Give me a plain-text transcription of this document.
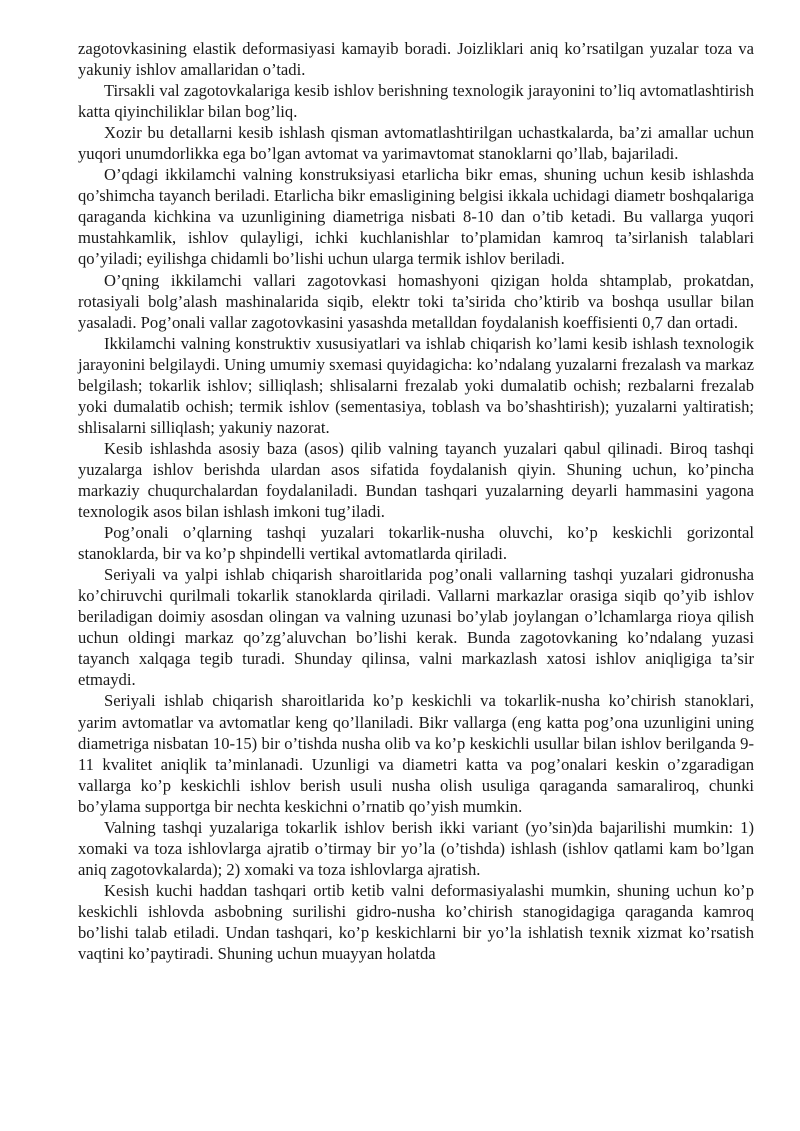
zagotovkasining elastik deformasiyasi kamayib boradi. Joizliklari aniq ko’rsatilgan yuzalar toza va yakuniy ishlov amallaridan o’tadi.

Tirsakli val zagotovkalariga kesib ishlov berishning texnologik jarayonini to’liq avtomatlashtirish katta qiyinchiliklar bilan bog’liq.

Xozir bu detallarni kesib ishlash qisman avtomatlashtirilgan uchastkalarda, ba’zi amallar uchun yuqori unumdorlikka ega bo’lgan avtomat va yarimavtomat stanoklarni qo’llab, bajariladi.

O’qdagi ikkilamchi valning konstruksiyasi etarlicha bikr emas, shuning uchun kesib ishlashda qo’shimcha tayanch beriladi. Etarlicha bikr emasligining belgisi ikkala uchidagi diametr boshqalariga qaraganda kichkina va uzunligining diametriga nisbati 8-10 dan o’tib ketadi. Bu vallarga yuqori mustahkamlik, ishlov qulayligi, ichki kuchlanishlar to’plamidan kamroq ta’sirlanish talablari qo’yiladi; eyilishga chidamli bo’lishi uchun ularga termik ishlov beriladi.

O’qning ikkilamchi vallari zagotovkasi homashyoni qizigan holda shtamplab, prokatdan, rotasiyali bolg’alash mashinalarida siqib, elektr toki ta’sirida cho’ktirib va boshqa usullar bilan yasaladi. Pog’onali vallar zagotovkasini yasashda metalldan foydalanish koeffisienti 0,7 dan ortadi.

Ikkilamchi valning konstruktiv xususiyatlari va ishlab chiqarish ko’lami kesib ishlash texnologik jarayonini belgilaydi. Uning umumiy sxemasi quyidagicha: ko’ndalang yuzalarni frezalash va markaz belgilash; tokarlik ishlov; silliqlash; shlisalarni frezalab yoki dumalatib ochish; rezbalarni frezalab yoki dumalatib ochish; termik ishlov (sementasiya, toblash va bo’shashtirish); yuzalarni yaltiratish; shlisalarni silliqlash; yakuniy nazorat.

Kesib ishlashda asosiy baza (asos) qilib valning tayanch yuzalari qabul qilinadi. Biroq tashqi yuzalarga ishlov berishda ulardan asos sifatida foydalanish qiyin. Shuning uchun, ko’pincha markaziy chuqurchalardan foydalaniladi. Bundan tashqari yuzalarning deyarli hammasini yagona texnologik asos bilan ishlash imkoni tug’iladi.

Pog’onali o’qlarning tashqi yuzalari tokarlik-nusha oluvchi, ko’p keskichli gorizontal stanoklarda, bir va ko’p shpindelli vertikal avtomatlarda qiriladi.

Seriyali va yalpi ishlab chiqarish sharoitlarida pog’onali vallarning tashqi yuzalari gidronusha ko’chiruvchi qurilmali tokarlik stanoklarda qiriladi. Vallarni markazlar orasiga siqib qo’yib ishlov beriladigan doimiy asosdan olingan va valning uzunasi bo’ylab joylangan o’lchamlarga rioya qilish uchun oldingi markaz qo’zg’aluvchan bo’lishi kerak. Bunda zagotovkaning ko’ndalang yuzasi tayanch xalqaga tegib turadi. Shunday qilinsa, valni markazlash xatosi ishlov aniqligiga ta’sir etmaydi.

Seriyali ishlab chiqarish sharoitlarida ko’p keskichli va tokarlik-nusha ko’chirish stanoklari, yarim avtomatlar va avtomatlar keng qo’llaniladi. Bikr vallarga (eng katta pog’ona uzunligini uning diametriga nisbatan 10-15) bir o’tishda nusha olib va ko’p keskichli usullar bilan ishlov berilganda 9-11 kvalitet aniqlik ta’minlanadi. Uzunligi va diametri katta va pog’onalari keskin o’zgaradigan vallarga ko’p keskichli ishlov berish usuli nusha olish usuliga qaraganda samaraliroq, chunki bo’ylama supportga bir nechta keskichni o’rnatib qo’yish mumkin.

Valning tashqi yuzalariga tokarlik ishlov berish ikki variant (yo’sin)da bajarilishi mumkin: 1) xomaki va toza ishlovlarga ajratib o’tirmay bir yo’la (o’tishda) ishlash (ishlov qatlami kam bo’lgan aniq zagotovkalarda); 2) xomaki va toza ishlovlarga ajratish.

Kesish kuchi haddan tashqari ortib ketib valni deformasiyalashi mumkin, shuning uchun ko’p keskichli ishlovda asbobning surilishi gidro-nusha ko’chirish stanogidagiga qaraganda kamroq bo’lishi talab etiladi. Undan tashqari, ko’p keskichlarni bir yo’la ishlatish texnik xizmat ko’rsatish vaqtini ko’paytiradi. Shuning uchun muayyan holatda
